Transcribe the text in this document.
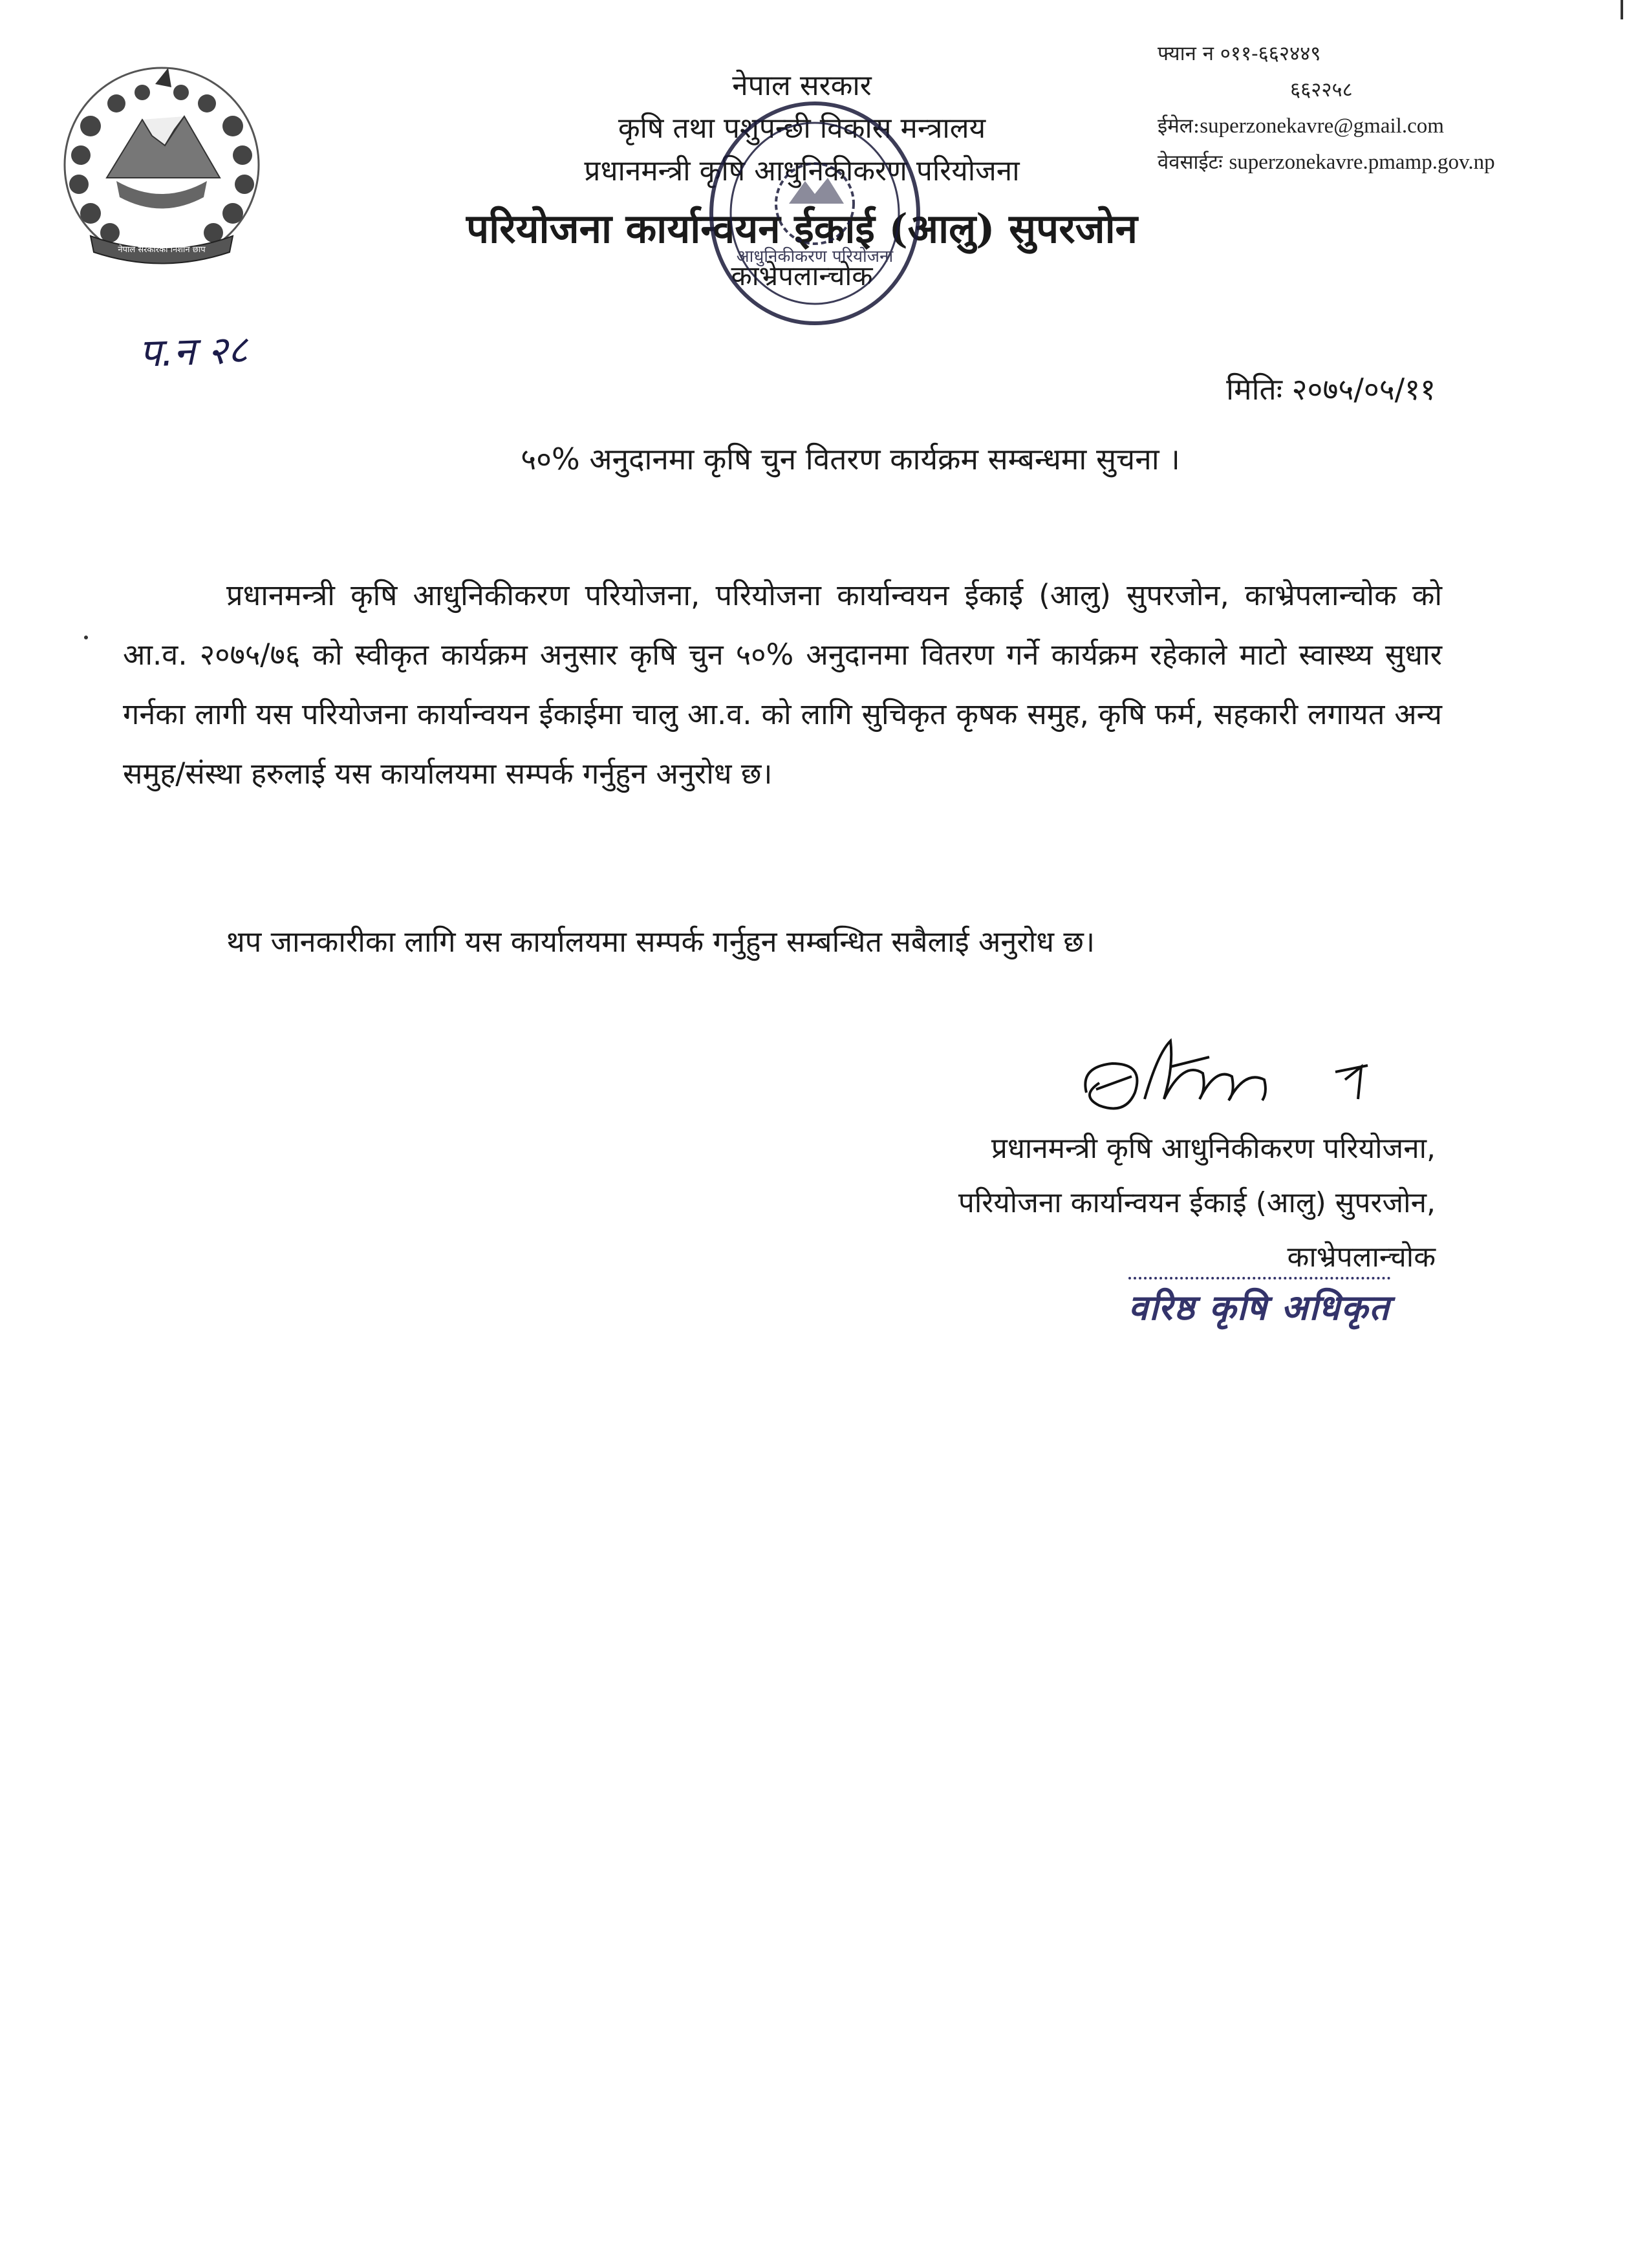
नेपाल सरकारको निशान छाप
नेपाल सरकार
कृषि तथा पशुपन्छी विकास मन्त्रालय
प्रधानमन्त्री कृषि आधुनिकीकरण परियोजना
परियोजना कार्यान्वयन ईकाई (आलु) सुपरजोन
काभ्रेपलान्चोक
आधुनिकीकरण परियोजना
फ्यान न ०११-६६२४४९
६६२२५८
ईमेल:superzonekavre@gmail.com
वेवसाईटः superzonekavre.pmamp.gov.np
प.न २८
मितिः २०७५/०५/११
५०% अनुदानमा कृषि चुन वितरण कार्यक्रम सम्बन्धमा सुचना ।

प्रधानमन्त्री कृषि आधुनिकीकरण परियोजना, परियोजना कार्यान्वयन ईकाई (आलु) सुपरजोन, काभ्रेपलान्चोक को आ.व. २०७५/७६ को स्वीकृत कार्यक्रम अनुसार कृषि चुन ५०% अनुदानमा वितरण गर्ने कार्यक्रम रहेकाले माटो स्वास्थ्य सुधार गर्नका लागी यस परियोजना कार्यान्वयन ईकाईमा चालु आ.व. को लागि सुचिकृत कृषक समुह, कृषि फर्म, सहकारी लगायत अन्य समुह/संस्था हरुलाई यस कार्यालयमा सम्पर्क गर्नुहुन अनुरोध छ।

थप जानकारीका लागि यस कार्यालयमा सम्पर्क गर्नुहुन सम्बन्धित सबैलाई अनुरोध छ।
प्रधानमन्त्री कृषि आधुनिकीकरण परियोजना,
परियोजना कार्यान्वयन ईकाई (आलु) सुपरजोन,
काभ्रेपलान्चोक
वरिष्ठ कृषि अधिकृत
